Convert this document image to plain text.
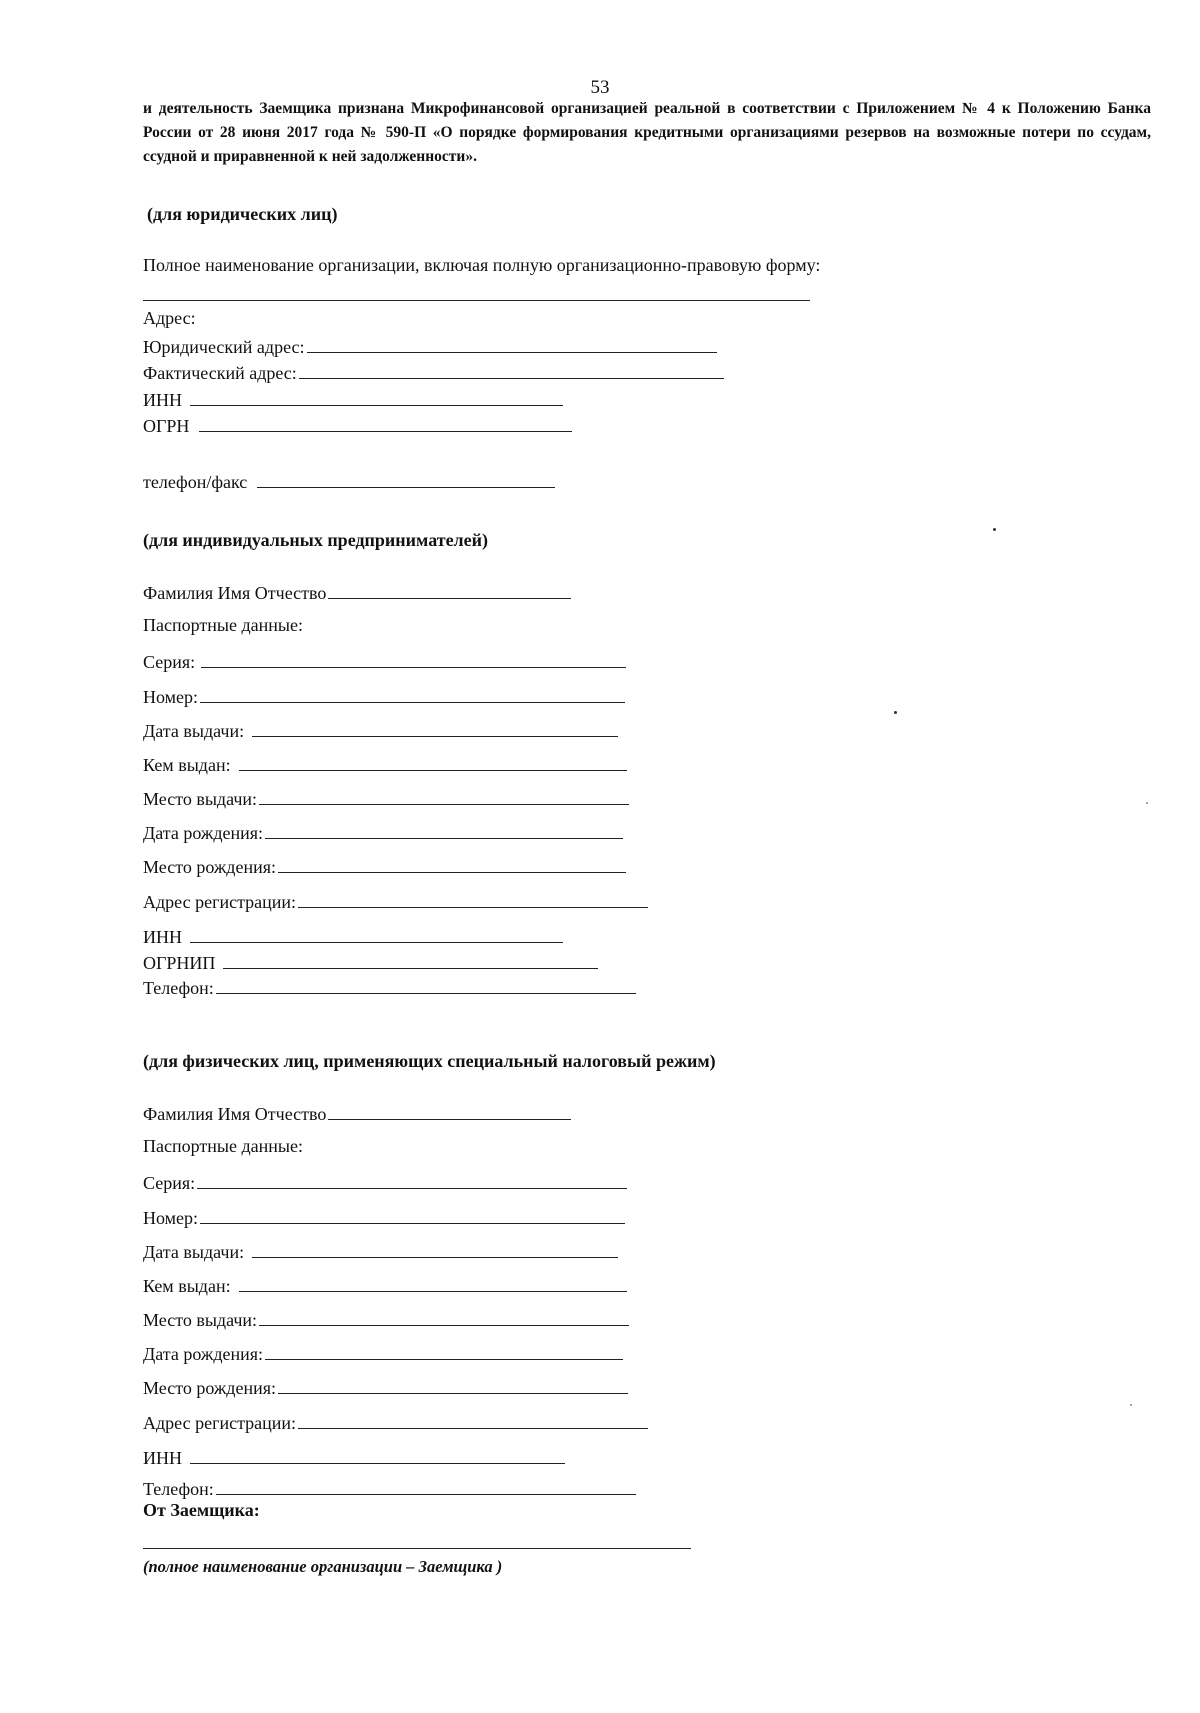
53

и деятельность Заемщика признана Микрофинансовой организацией реальной в соответствии с Приложением № 4 к Положению Банка России от 28 июня 2017 года № 590-П «О порядке формирования кредитными организациями резервов на возможные потери по ссудам, ссудной и приравненной к ней задолженности».

(для юридических лиц)
Полное наименование организации, включая полную организационно-правовую форму:
Адрес:
Юридический адрес:
Фактический адрес:
ИНН
ОГРН
телефон/факс
(для индивидуальных предпринимателей)
Фамилия Имя Отчество
Паспортные данные:
Серия:
Номер:
Дата выдачи:
Кем выдан:
Место выдачи:
Дата рождения:
Место рождения:
Адрес регистрации:
ИНН
ОГРНИП
Телефон:
(для физических лиц, применяющих специальный налоговый режим)
Фамилия Имя Отчество
Паспортные данные:
Серия:
Номер:
Дата выдачи:
Кем выдан:
Место выдачи:
Дата рождения:
Место рождения:
Адрес регистрации:
ИНН
Телефон:
От Заемщика:
(полное наименование организации – Заемщика )
